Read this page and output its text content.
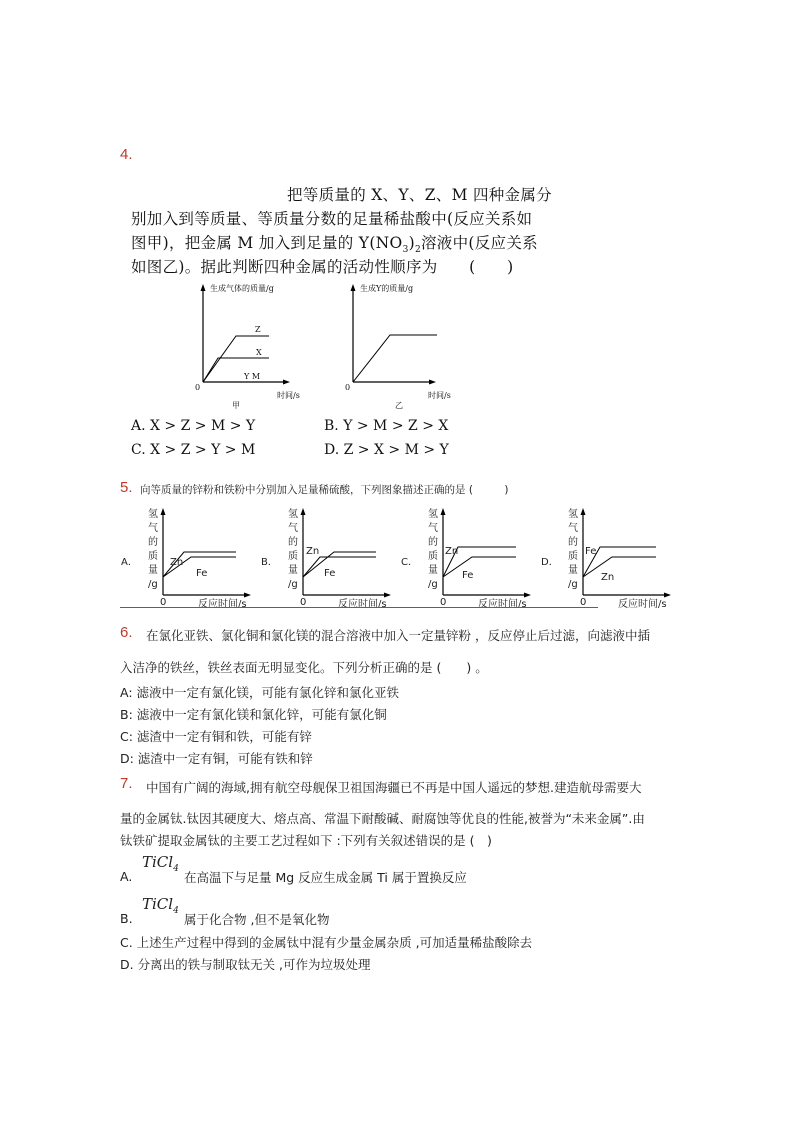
4.
把等质量的 X、Y、Z、M 四种金属分
别加入到等质量、等质量分数的足量稀盐酸中(反应关系如
图甲)，把金属 M 加入到足量的 $Y(NO_3)_2$溶液中(反应关系
如图乙)。据此判断四种金属的活动性顺序为　　(　　)
生成气体的质量/g
Z
X
Y M
0
时间/s
甲
生成Y的质量/g
0
时间/s
乙
A. X > Z > M > Y	B. Y > M > Z > X
C. X > Z > Y > M	D. Z > X > M > Y
5. 向等质量的锌粉和铁粉中分别加入足量稀硫酸，下列图象描述正确的是 (　　　)
A．
氢
气
的
质
量
/g
Zn
Fe
0	反应时间/s
B．
氢
气
的
质
量
/g
Zn
Fe
0	反应时间/s
C．
氢
气
的
质
量
/g
Zn
Fe
0	反应时间/s
D．
氢
气
的
质
量
/g
Fe
Zn
0	反应时间/s
6. 在氯化亚铁、氯化铜和氯化镁的混合溶液中加入一定量锌粉 ，反应停止后过滤，向滤液中插
入洁净的铁丝，铁丝表面无明显变化。下列分析正确的是 (　　) 。
A: 滤液中一定有氯化镁，可能有氯化锌和氯化亚铁
B: 滤液中一定有氯化镁和氯化锌，可能有氯化铜
C: 滤渣中一定有铜和铁，可能有锌
D: 滤渣中一定有铜，可能有铁和锌
7. 中国有广阔的海域,拥有航空母舰保卫祖国海疆已不再是中国人遥远的梦想.建造航母需要大
量的金属钛.钛因其硬度大、熔点高、常温下耐酸碱、耐腐蚀等优良的性能,被誉为“未来金属”.由
钛铁矿提取金属钛的主要工艺过程如下 :下列有关叙述错误的是 (　)
A.
TiCl$_4$
在高温下与足量 Mg 反应生成金属 Ti 属于置换反应
B.
TiCl$_4$
属于化合物 ,但不是氧化物
C. 上述生产过程中得到的金属钛中混有少量金属杂质 ,可加适量稀盐酸除去
D. 分离出的铁与制取钛无关 ,可作为垃圾处理
